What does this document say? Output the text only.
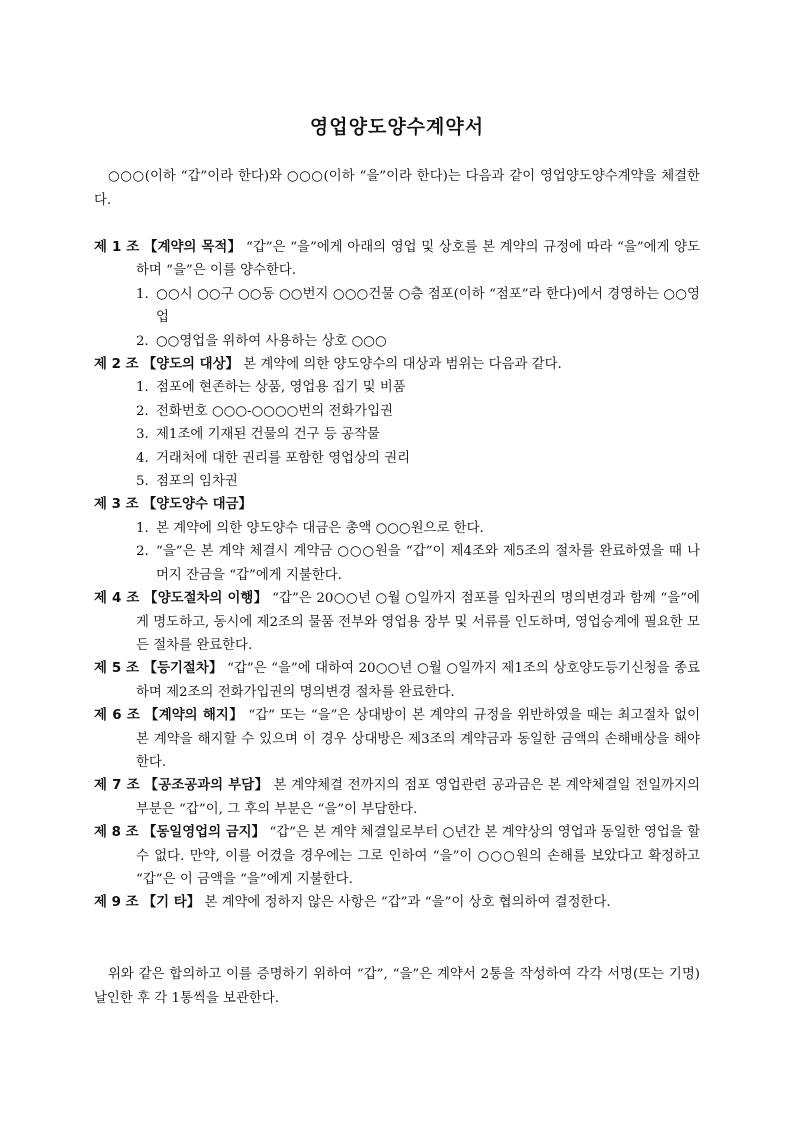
영업양도양수계약서
○○○(이하 “갑”이라 한다)와 ○○○(이하 “을”이라 한다)는 다음과 같이 영업양도양수계약을 체결한다.
제 1 조 【계약의 목적】 “갑”은 “을”에게 아래의 영업 및 상호를 본 계약의 규정에 따라 “을”에게 양도하며 “을”은 이를 양수한다.
1. ○○시 ○○구 ○○동 ○○번지 ○○○건물 ○층 점포(이하 “점포”라 한다)에서 경영하는 ○○영업
2. ○○영업을 위하여 사용하는 상호 ○○○
제 2 조 【양도의 대상】 본 계약에 의한 양도양수의 대상과 범위는 다음과 같다.
1. 점포에 현존하는 상품, 영업용 집기 및 비품
2. 전화번호 ○○○-○○○○번의 전화가입권
3. 제1조에 기재된 건물의 건구 등 공작물
4. 거래처에 대한 권리를 포함한 영업상의 권리
5. 점포의 임차권
제 3 조 【양도양수 대금】
1. 본 계약에 의한 양도양수 대금은 총액 ○○○원으로 한다.
2. “을”은 본 계약 체결시 계약금 ○○○원을 “갑”이 제4조와 제5조의 절차를 완료하였을 때 나머지 잔금을 “갑”에게 지불한다.
제 4 조 【양도절차의 이행】 “갑”은 20○○년 ○월 ○일까지 점포를 임차권의 명의변경과 함께 “을”에게 명도하고, 동시에 제2조의 물품 전부와 영업용 장부 및 서류를 인도하며, 영업승계에 필요한 모든 절차를 완료한다.
제 5 조 【등기절차】 “갑”은 “을”에 대하여 20○○년 ○월 ○일까지 제1조의 상호양도등기신청을 종료하며 제2조의 전화가입권의 명의변경 절차를 완료한다.
제 6 조 【계약의 해지】 “갑” 또는 “을”은 상대방이 본 계약의 규정을 위반하였을 때는 최고절차 없이 본 계약을 해지할 수 있으며 이 경우 상대방은 제3조의 계약금과 동일한 금액의 손해배상을 해야 한다.
제 7 조 【공조공과의 부담】 본 계약체결 전까지의 점포 영업관련 공과금은 본 계약체결일 전일까지의 부분은 “갑”이, 그 후의 부분은 “을”이 부담한다.
제 8 조 【동일영업의 금지】 “갑”은 본 계약 체결일로부터 ○년간 본 계약상의 영업과 동일한 영업을 할 수 없다. 만약, 이를 어겼을 경우에는 그로 인하여 “을”이 ○○○원의 손해를 보았다고 확정하고 “갑”은 이 금액을 “을”에게 지불한다.
제 9 조 【기 타】 본 계약에 정하지 않은 사항은 “갑”과 “을”이 상호 협의하여 결정한다.
위와 같은 합의하고 이를 증명하기 위하여 “갑”, “을”은 계약서 2통을 작성하여 각각 서명(또는 기명) 날인한 후 각 1통씩을 보관한다.
